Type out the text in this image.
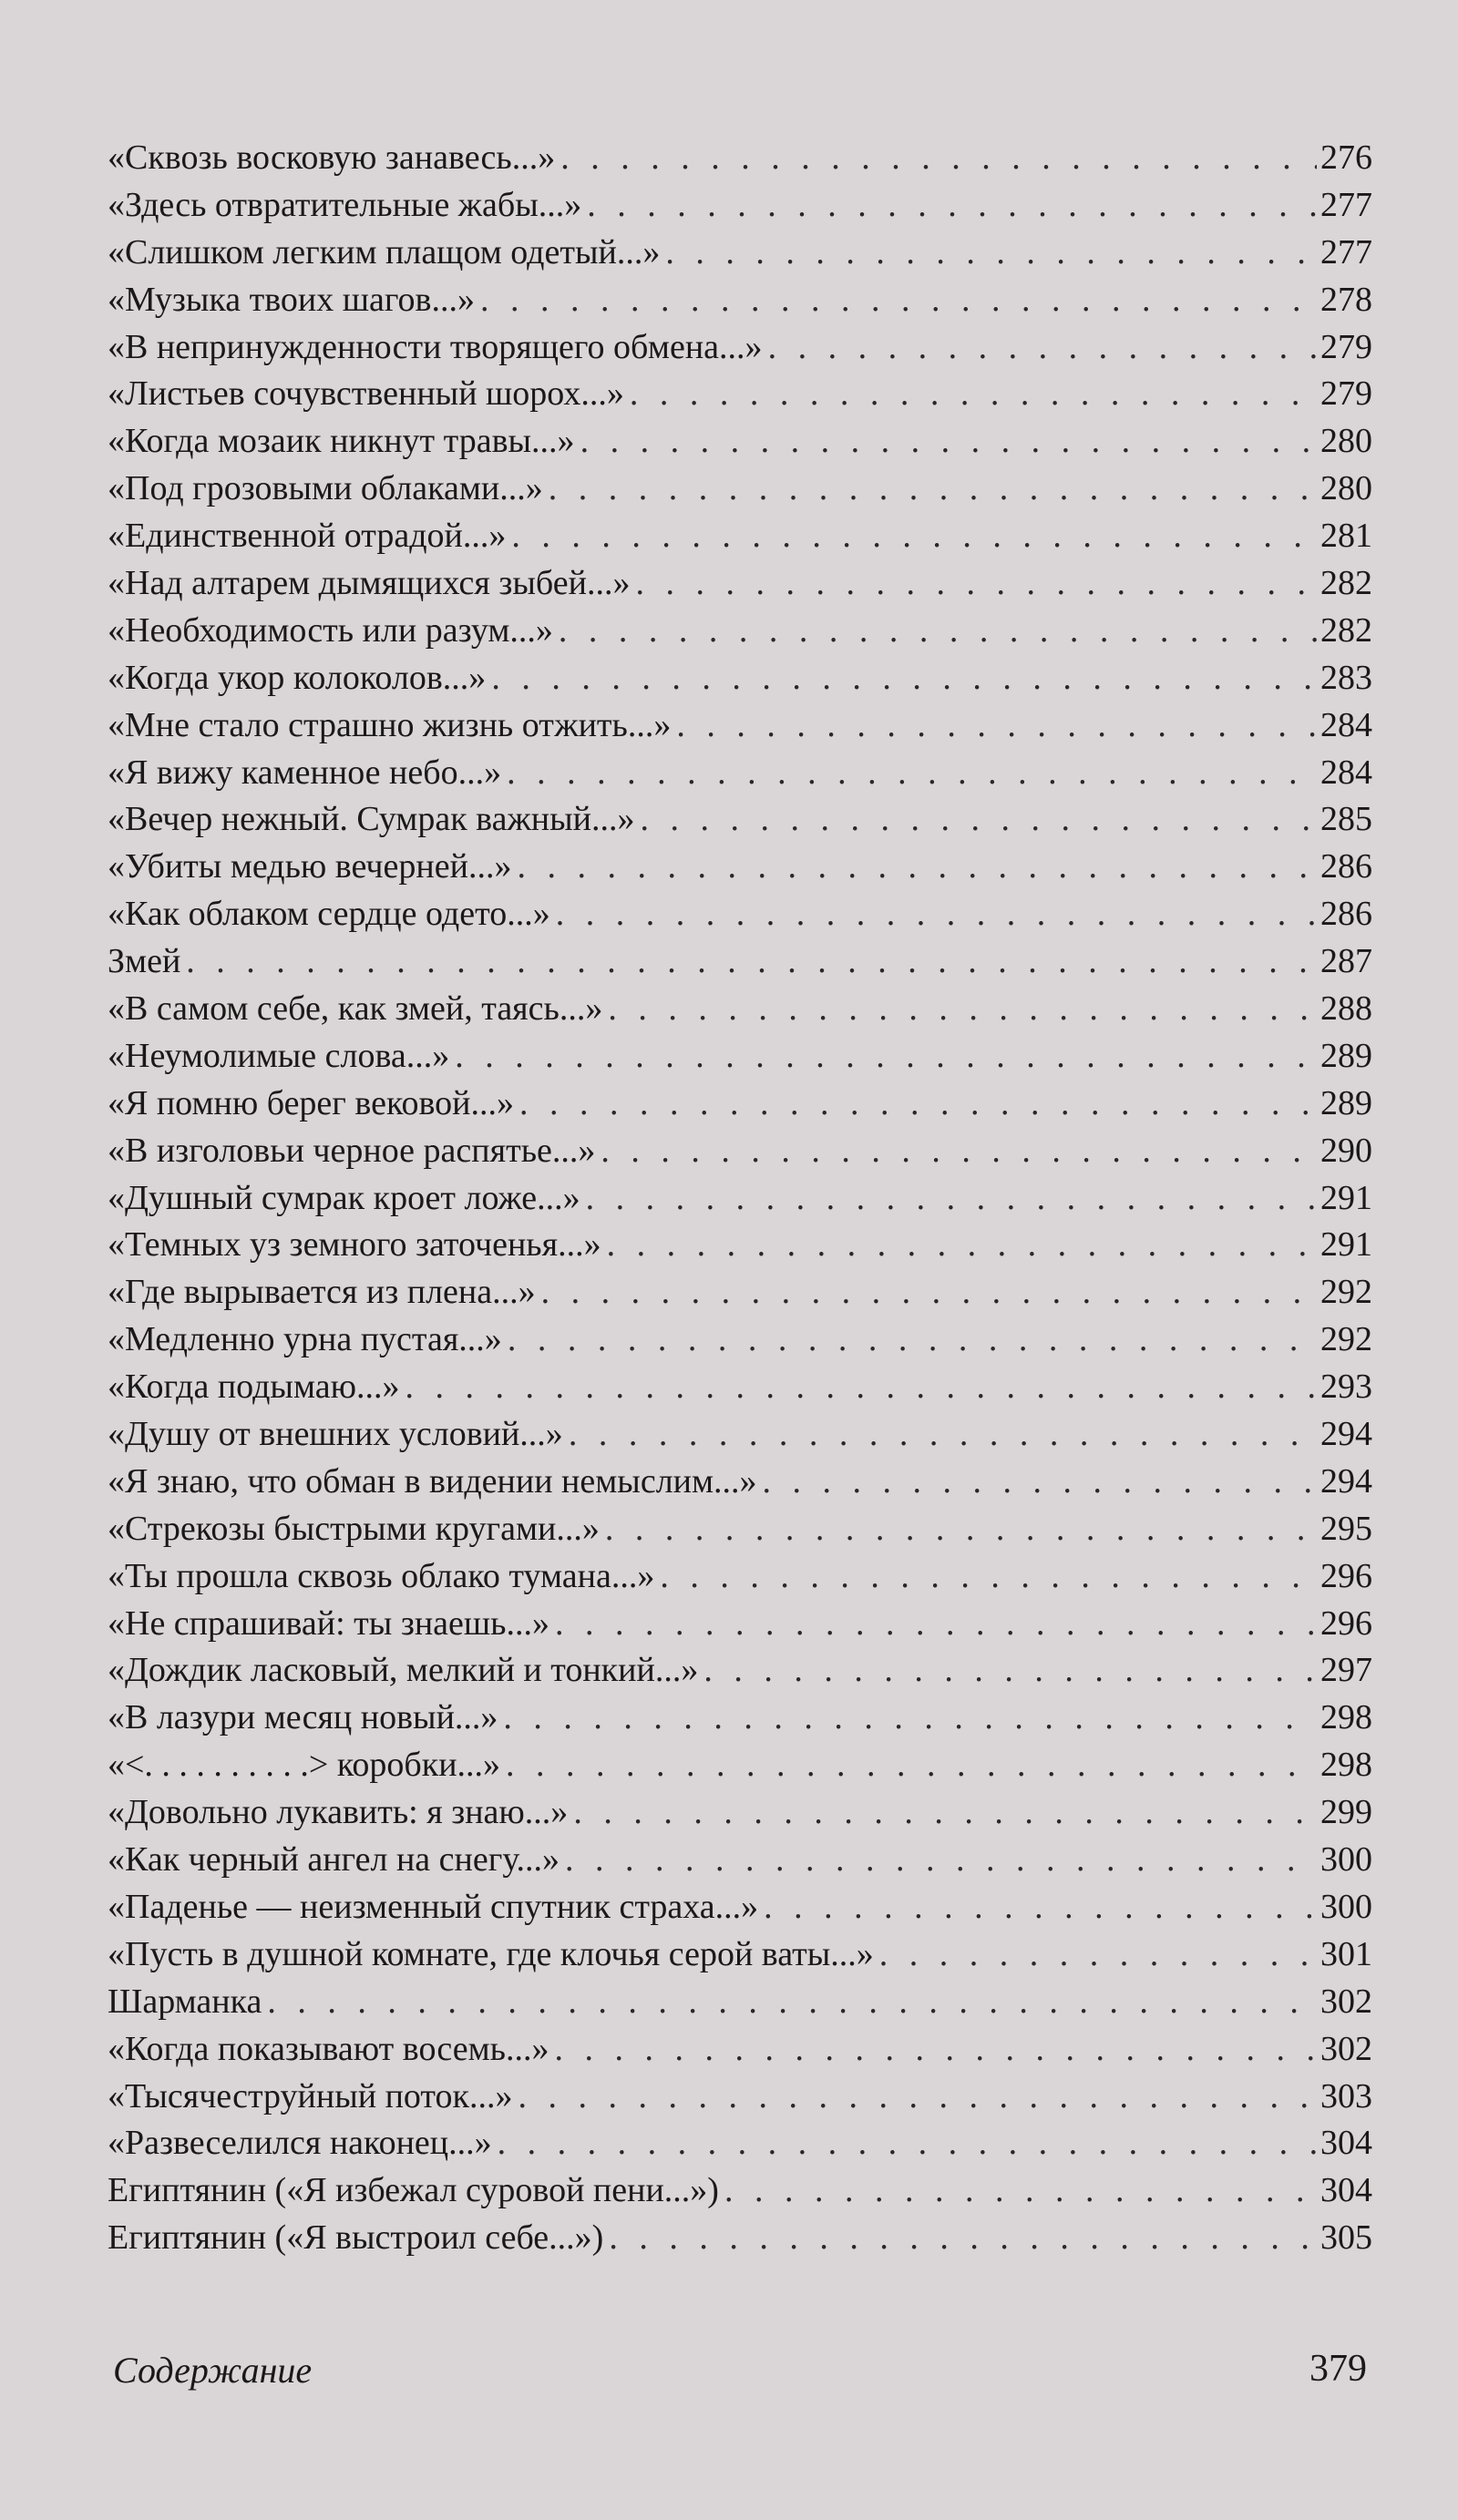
«Сквозь восковую занавесь...» . . .	276
«Здесь отвратительные жабы...» . . .	277
«Слишком легким плащом одетый...» . . .	277
«Музыка твоих шагов...» . . .	278
«В непринужденности творящего обмена...» . . .	279
«Листьев сочувственный шорох...» . . .	279
«Когда мозаик никнут травы...» . . .	280
«Под грозовыми облаками...» . . .	280
«Единственной отрадой...» . . .	281
«Над алтарем дымящихся зыбей...» . . .	282
«Необходимость или разум...» . . .	282
«Когда укор колоколов...» . . .	283
«Мне стало страшно жизнь отжить...» . . .	284
«Я вижу каменное небо...» . . .	284
«Вечер нежный. Сумрак важный...» . . .	285
«Убиты медью вечерней...» . . .	286
«Как облаком сердце одето...» . . .	286
Змей . . .	287
«В самом себе, как змей, таясь...» . . .	288
«Неумолимые слова...» . . .	289
«Я помню берег вековой...» . . .	289
«В изголовьи черное распятье...» . . .	290
«Душный сумрак кроет ложе...» . . .	291
«Темных уз земного заточенья...» . . .	291
«Где вырывается из плена...» . . .	292
«Медленно урна пустая...» . . .	292
«Когда подымаю...» . . .	293
«Душу от внешних условий...» . . .	294
«Я знаю, что обман в видении немыслим...» . . .	294
«Стрекозы быстрыми кругами...» . . .	295
«Ты прошла сквозь облако тумана...» . . .	296
«Не спрашивай: ты знаешь...» . . .	296
«Дождик ласковый, мелкий и тонкий...» . . .	297
«В лазури месяц новый...» . . .	298
«<. . . . . . . . . .> коробки...» . . .	298
«Довольно лукавить: я знаю...» . . .	299
«Как черный ангел на снегу...» . . .	300
«Паденье — неизменный спутник страха...» . . .	300
«Пусть в душной комнате, где клочья серой ваты...» . . .	301
Шарманка . . .	302
«Когда показывают восемь...» . . .	302
«Тысячеструйный поток...» . . .	303
«Развеселился наконец...» . . .	304
Египтянин («Я избежал суровой пени...») . . .	304
Египтянин («Я выстроил себе...») . . .	305
Содержание	379
